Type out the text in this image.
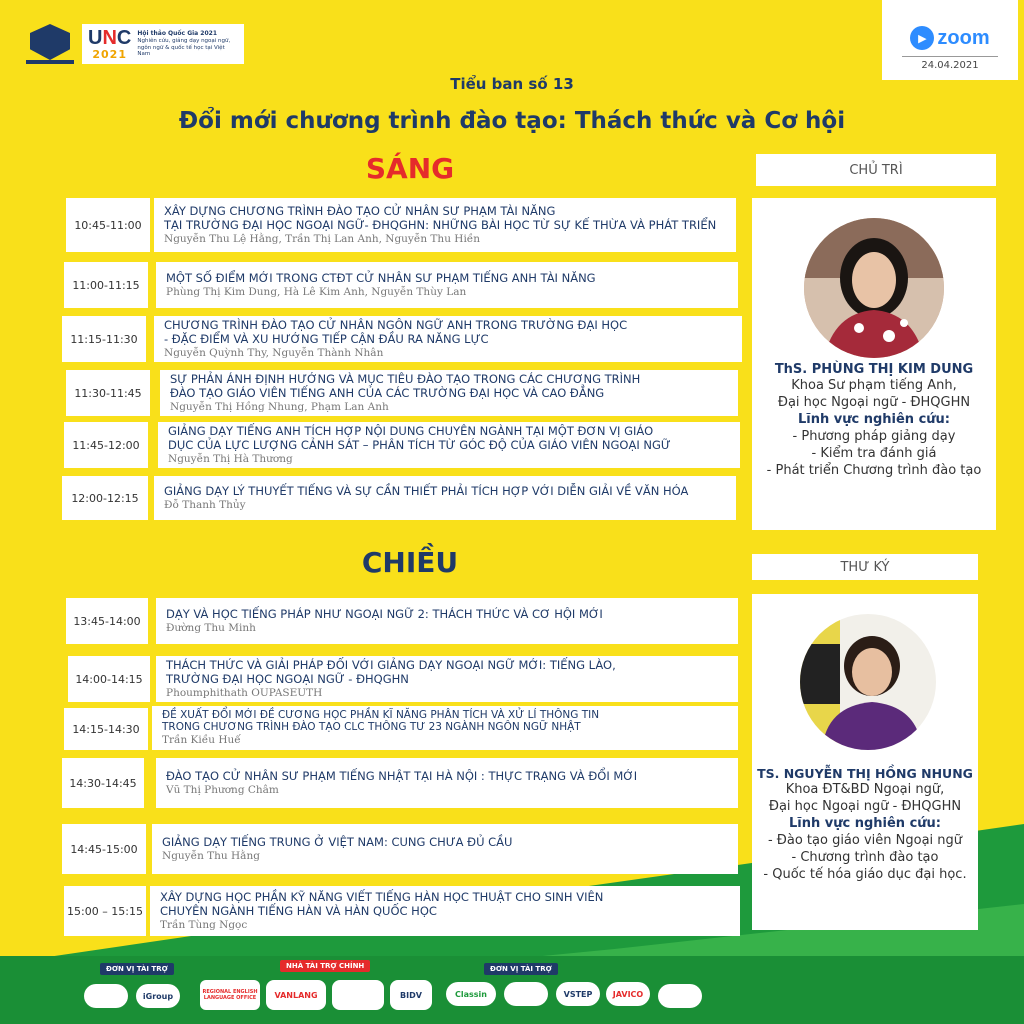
UNC
2021
Hội thảo Quốc Gia 2021
Nghiên cứu, giảng dạy ngoại ngữ,
ngôn ngữ & quốc tế học tại Việt Nam
▶ zoom
24.04.2021
Tiểu ban số 13
Đổi mới chương trình đào tạo: Thách thức và Cơ hội
SÁNG
CHIỀU
10:45-11:00
XÂY DỰNG CHƯƠNG TRÌNH ĐÀO TẠO CỬ NHÂN SƯ PHẠM TÀI NĂNG
TẠI TRƯỜNG ĐẠI HỌC NGOẠI NGỮ- ĐHQGHN: NHỮNG BÀI HỌC TỪ SỰ KẾ THỪA VÀ PHÁT TRIỂN
Nguyễn Thu Lệ Hằng, Trần Thị Lan Anh, Nguyễn Thu Hiền
11:00-11:15	MỘT SỐ ĐIỂM MỚI TRONG CTĐT CỬ NHÂN SƯ PHẠM TIẾNG ANH TÀI NĂNG
Phùng Thị Kim Dung, Hà Lê Kim Anh, Nguyễn Thùy Lan
11:15-11:30
CHƯƠNG TRÌNH ĐÀO TẠO CỬ NHÂN NGÔN NGỮ ANH TRONG TRƯỜNG ĐẠI HỌC
- ĐẶC ĐIỂM VÀ XU HƯỚNG TIẾP CẬN ĐẦU RA NĂNG LỰC
Nguyễn Quỳnh Thy, Nguyễn Thành Nhân
11:30-11:45
SỰ PHẢN ÁNH ĐỊNH HƯỚNG VÀ MỤC TIÊU ĐÀO TẠO TRONG CÁC CHƯƠNG TRÌNH
ĐÀO TẠO GIÁO VIÊN TIẾNG ANH CỦA CÁC TRƯỜNG ĐẠI HỌC VÀ CAO ĐẲNG
Nguyễn Thị Hồng Nhung, Phạm Lan Anh
11:45-12:00
GIẢNG DẠY TIẾNG ANH TÍCH HỢP NỘI DUNG CHUYÊN NGÀNH TẠI MỘT ĐƠN VỊ GIÁO
DỤC CỦA LỰC LƯỢNG CẢNH SÁT – PHÂN TÍCH TỪ GÓC ĐỘ CỦA GIÁO VIÊN NGOẠI NGỮ
Nguyễn Thị Hà Thương
12:00-12:15	GIẢNG DẠY LÝ THUYẾT TIẾNG VÀ SỰ CẦN THIẾT PHẢI TÍCH HỢP VỚI DIỄN GIẢI VỀ VĂN HÓA
Đỗ Thanh Thủy
13:45-14:00	DẠY VÀ HỌC TIẾNG PHÁP NHƯ NGOẠI NGỮ 2: THÁCH THỨC VÀ CƠ HỘI MỚI
Đường Thu Minh
14:00-14:15
THÁCH THỨC VÀ GIẢI PHÁP ĐỐI VỚI GIẢNG DẠY NGOẠI NGỮ MỚI: TIẾNG LÀO,
TRƯỜNG ĐẠI HỌC NGOẠI NGỮ - ĐHQGHN
Phoumphithath OUPASEUTH
14:15-14:30
ĐỀ XUẤT ĐỔI MỚI ĐỀ CƯƠNG HỌC PHẦN KĨ NĂNG PHÂN TÍCH VÀ XỬ LÍ THÔNG TIN
TRONG CHƯƠNG TRÌNH ĐÀO TẠO CLC THÔNG TƯ 23 NGÀNH NGÔN NGỮ NHẬT
Trần Kiều Huế
14:30-14:45	ĐÀO TẠO CỬ NHÂN SƯ PHẠM TIẾNG NHẬT TẠI HÀ NỘI : THỰC TRẠNG VÀ ĐỔI MỚI
Vũ Thị Phương Châm
14:45-15:00	GIẢNG DẠY TIẾNG TRUNG Ở VIỆT NAM: CUNG CHƯA ĐỦ CẦU
Nguyễn Thu Hằng
15:00 – 15:15
XÂY DỰNG HỌC PHẦN KỸ NĂNG VIẾT TIẾNG HÀN HỌC THUẬT CHO SINH VIÊN
CHUYÊN NGÀNH TIẾNG HÀN VÀ HÀN QUỐC HỌC
Trần Tùng Ngọc
CHỦ TRÌ
ThS. PHÙNG THỊ KIM DUNG
Khoa Sư phạm tiếng Anh,
Đại học Ngoại ngữ - ĐHQGHN
Lĩnh vực nghiên cứu:
- Phương pháp giảng dạy
- Kiểm tra đánh giá
- Phát triển Chương trình đào tạo
THƯ KÝ
TS. NGUYỄN THỊ HỒNG NHUNG
Khoa ĐT&BD Ngoại ngữ,
Đại học Ngoại ngữ - ĐHQGHN
Lĩnh vực nghiên cứu:
- Đào tạo giáo viên Ngoại ngữ
- Chương trình đào tạo
- Quốc tế hóa giáo dục đại học.
ĐƠN VỊ TÀI TRỢ	NHÀ TÀI TRỢ CHÍNH	ĐƠN VỊ TÀI TRỢ
iGroup	REGIONAL ENGLISH LANGUAGE OFFICE	VANLANG	BIDV	Classin	VSTEP	JAVICO
